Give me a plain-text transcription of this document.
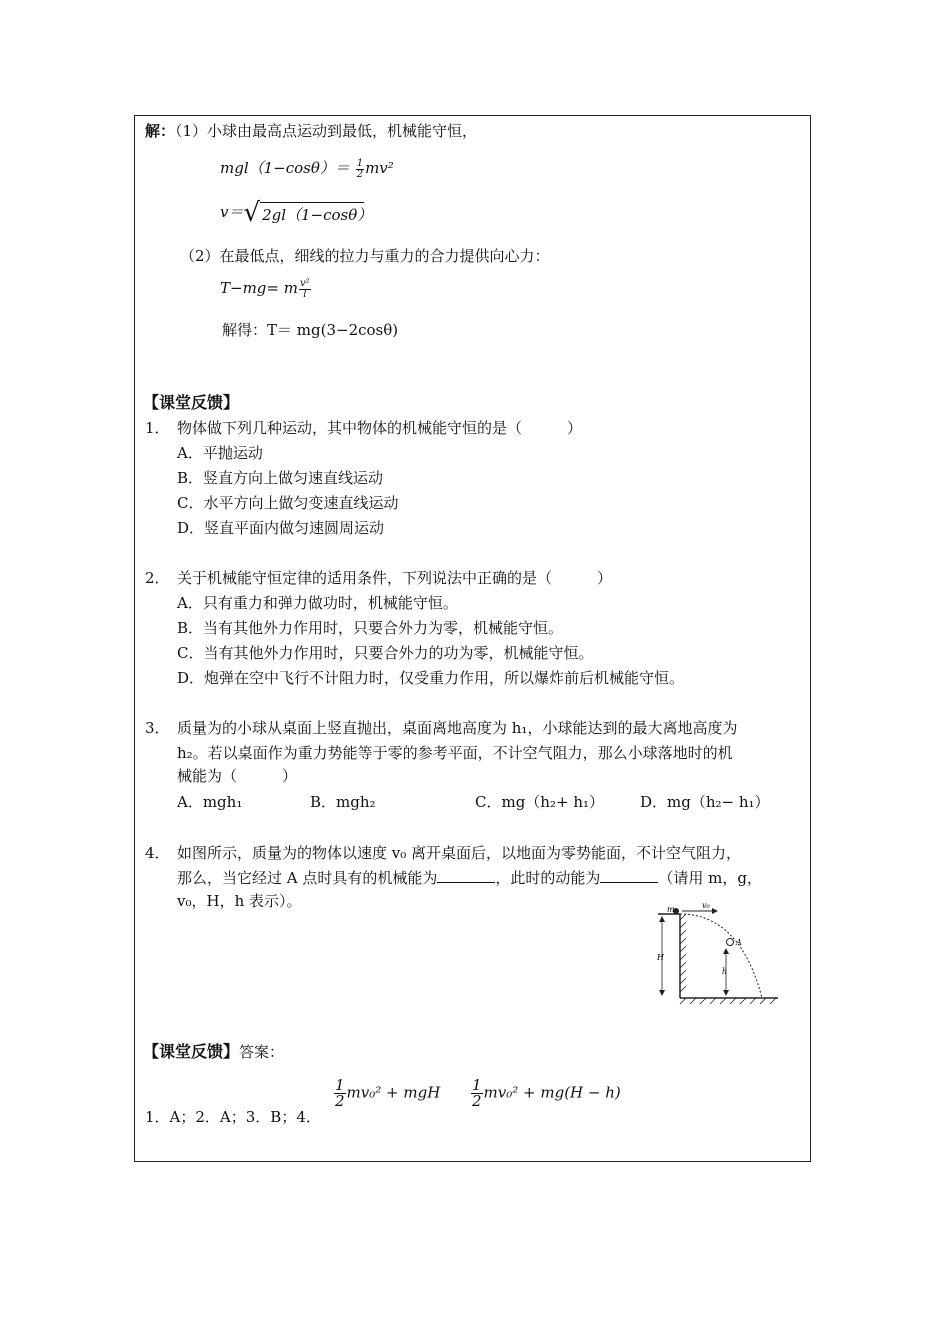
解：（1）小球由最高点运动到最低，机械能守恒，
$mgl(1-\cos\theta)= \frac{1}{2} mv^2$
v＝√ 2gl（1−cosθ）
（2）在最低点，细线的拉力与重力的合力提供向心力：
T−mg= m $\frac{\text{v²}}{l}$
解得：T＝ mg(3−2cosθ)
【课堂反馈】
1． 物体做下列几种运动，其中物体的机械能守恒的是（　　　）
A．平抛运动
B．竖直方向上做匀速直线运动
C．水平方向上做匀变速直线运动
D．竖直平面内做匀速圆周运动
2． 关于机械能守恒定律的适用条件，下列说法中正确的是（　　　）
A．只有重力和弹力做功时，机械能守恒。
B．当有其他外力作用时，只要合外力为零，机械能守恒。
C．当有其他外力作用时，只要合外力的功为零，机械能守恒。
D．炮弹在空中飞行不计阻力时，仅受重力作用，所以爆炸前后机械能守恒。
3． 质量为的小球从桌面上竖直抛出，桌面离地高度为 h₁，小球能达到的最大离地高度为
h₂。若以桌面作为重力势能等于零的参考平面，不计空气阻力，那么小球落地时的机
械能为（　　　）
A．mgh₁	B．mgh₂	C．mg（h₂+ h₁） D．mg（h₂− h₁）
4． 如图所示，质量为的物体以速度 v₀ 离开桌面后，以地面为零势能面，不计空气阻力，
那么，当它经过 A 点时具有的机械能为	，此时的动能为	（请用 m，g，
v₀，H，h 表示）。	m	v₀
A
H
h
【课堂反馈】答案：
1．A；2．A；3．B；4．
$\frac{1}{2} mv_0^2$ + mgH $\frac{1}{2} mv_0^2 + mg(H - h)$
